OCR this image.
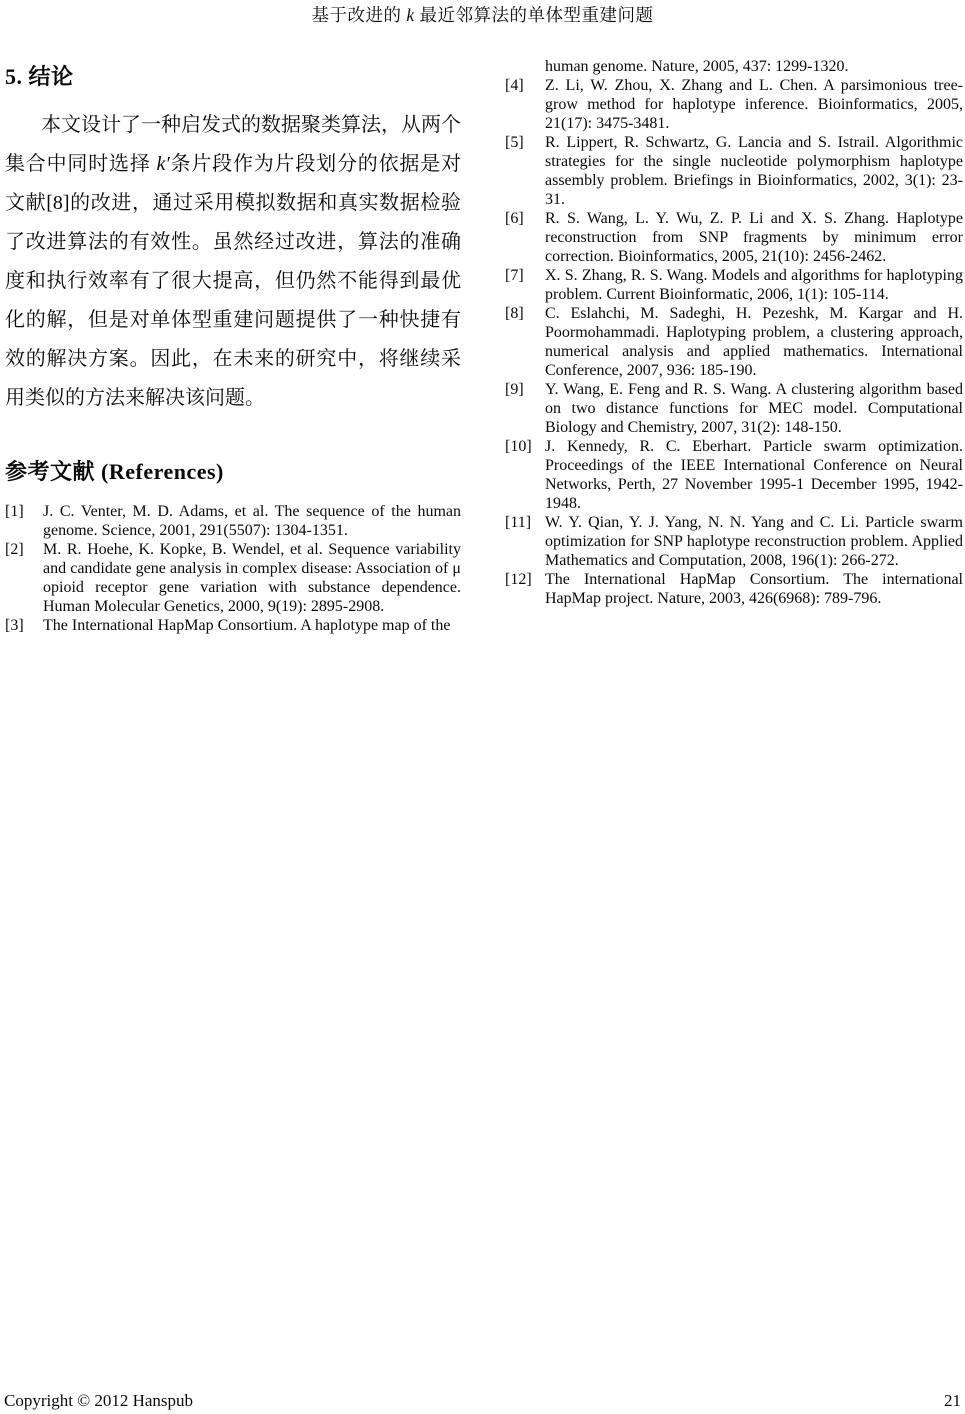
基于改进的 k 最近邻算法的单体型重建问题
5. 结论

本文设计了一种启发式的数据聚类算法，从两个集合中同时选择 k′条片段作为片段划分的依据是对文献[8]的改进，通过采用模拟数据和真实数据检验了改进算法的有效性。虽然经过改进，算法的准确度和执行效率有了很大提高，但仍然不能得到最优化的解，但是对单体型重建问题提供了一种快捷有效的解决方案。因此，在未来的研究中，将继续采用类似的方法来解决该问题。

参考文献 (References)
[1] J. C. Venter, M. D. Adams, et al. The sequence of the human genome. Science, 2001, 291(5507): 1304-1351.
[2] M. R. Hoehe, K. Kopke, B. Wendel, et al. Sequence variability and candidate gene analysis in complex disease: Association of μ opioid receptor gene variation with substance dependence. Human Molecular Genetics, 2000, 9(19): 2895-2908.
[3] The International HapMap Consortium. A haplotype map of the
human genome. Nature, 2005, 437: 1299-1320.
[4] Z. Li, W. Zhou, X. Zhang and L. Chen. A parsimonious tree-grow method for haplotype inference. Bioinformatics, 2005, 21(17): 3475-3481.
[5] R. Lippert, R. Schwartz, G. Lancia and S. Istrail. Algorithmic strategies for the single nucleotide polymorphism haplotype assembly problem. Briefings in Bioinformatics, 2002, 3(1): 23-31.
[6] R. S. Wang, L. Y. Wu, Z. P. Li and X. S. Zhang. Haplotype reconstruction from SNP fragments by minimum error correction. Bioinformatics, 2005, 21(10): 2456-2462.
[7] X. S. Zhang, R. S. Wang. Models and algorithms for haplotyping problem. Current Bioinformatic, 2006, 1(1): 105-114.
[8] C. Eslahchi, M. Sadeghi, H. Pezeshk, M. Kargar and H. Poormohammadi. Haplotyping problem, a clustering approach, numerical analysis and applied mathematics. International Conference, 2007, 936: 185-190.
[9] Y. Wang, E. Feng and R. S. Wang. A clustering algorithm based on two distance functions for MEC model. Computational Biology and Chemistry, 2007, 31(2): 148-150.
[10] J. Kennedy, R. C. Eberhart. Particle swarm optimization. Proceedings of the IEEE International Conference on Neural Networks, Perth, 27 November 1995-1 December 1995, 1942-1948.
[11] W. Y. Qian, Y. J. Yang, N. N. Yang and C. Li. Particle swarm optimization for SNP haplotype reconstruction problem. Applied Mathematics and Computation, 2008, 196(1): 266-272.
[12] The International HapMap Consortium. The international HapMap project. Nature, 2003, 426(6968): 789-796.
Copyright © 2012 Hanspub	21
